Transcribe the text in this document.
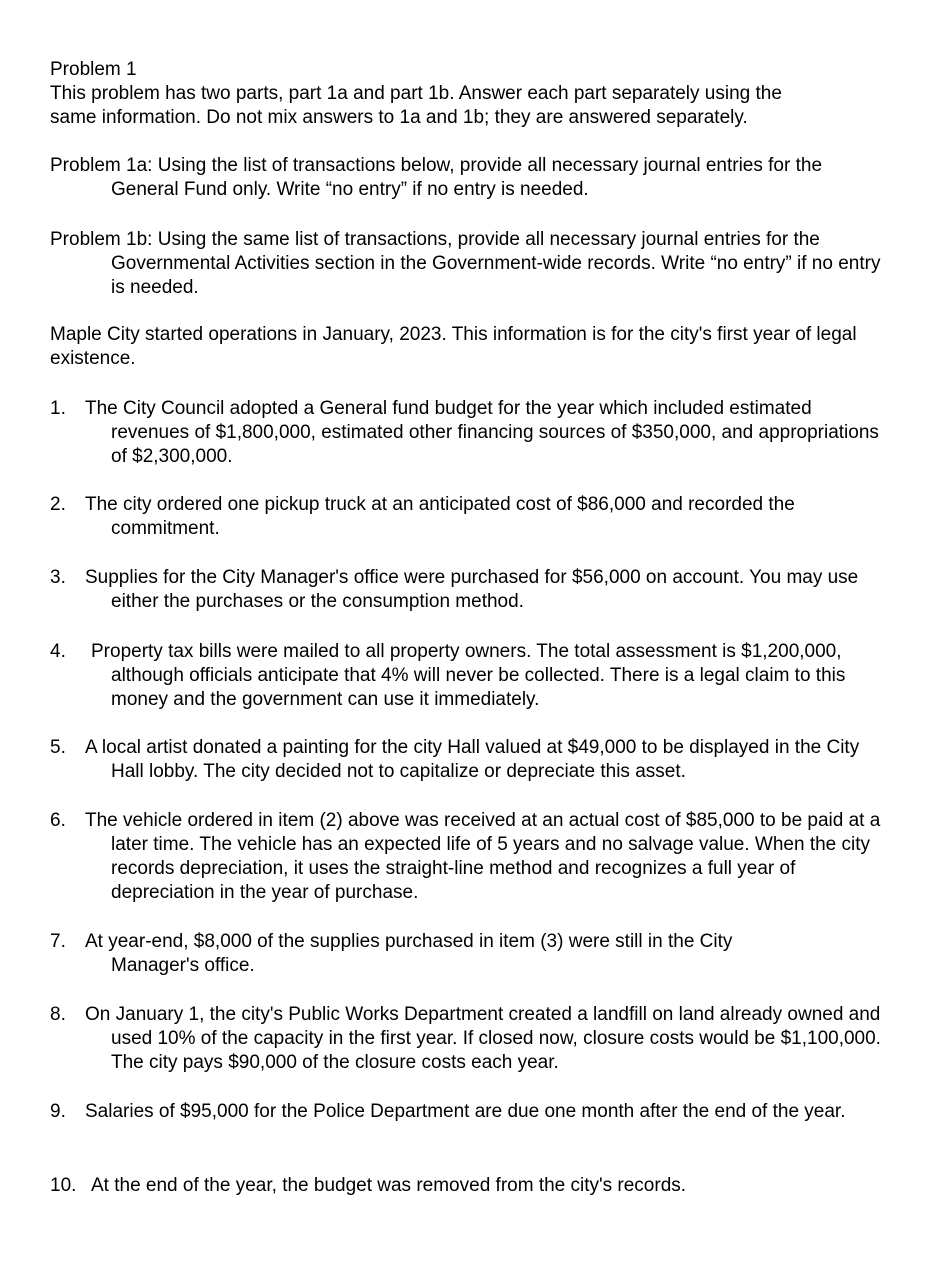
Problem 1
This problem has two parts, part 1a and part 1b. Answer each part separately using the
same information. Do not mix answers to 1a and 1b; they are answered separately.
Problem 1a: Using the list of transactions below, provide all necessary journal entries for the General Fund only. Write “no entry” if no entry is needed.
Problem 1b: Using the same list of transactions, provide all necessary journal entries for the Governmental Activities section in the Government-wide records. Write “no entry” if no entry is needed.
Maple City started operations in January, 2023. This information is for the city's first year of legal existence.
1. The City Council adopted a General fund budget for the year which included estimated revenues of $1,800,000, estimated other financing sources of $350,000, and appropriations of $2,300,000.
2. The city ordered one pickup truck at an anticipated cost of $86,000 and recorded the commitment.
3. Supplies for the City Manager's office were purchased for $56,000 on account. You may use either the purchases or the consumption method.
4. Property tax bills were mailed to all property owners. The total assessment is $1,200,000, although officials anticipate that 4% will never be collected. There is a legal claim to this money and the government can use it immediately.
5. A local artist donated a painting for the city Hall valued at $49,000 to be displayed in the City Hall lobby. The city decided not to capitalize or depreciate this asset.
6. The vehicle ordered in item (2) above was received at an actual cost of $85,000 to be paid at a later time. The vehicle has an expected life of 5 years and no salvage value. When the city records depreciation, it uses the straight-line method and recognizes a full year of depreciation in the year of purchase.
7. At year-end, $8,000 of the supplies purchased in item (3) were still in the City Manager's office.
8. On January 1, the city's Public Works Department created a landfill on land already owned and used 10% of the capacity in the first year. If closed now, closure costs would be $1,100,000. The city pays $90,000 of the closure costs each year.
9. Salaries of $95,000 for the Police Department are due one month after the end of the year.
10. At the end of the year, the budget was removed from the city's records.
